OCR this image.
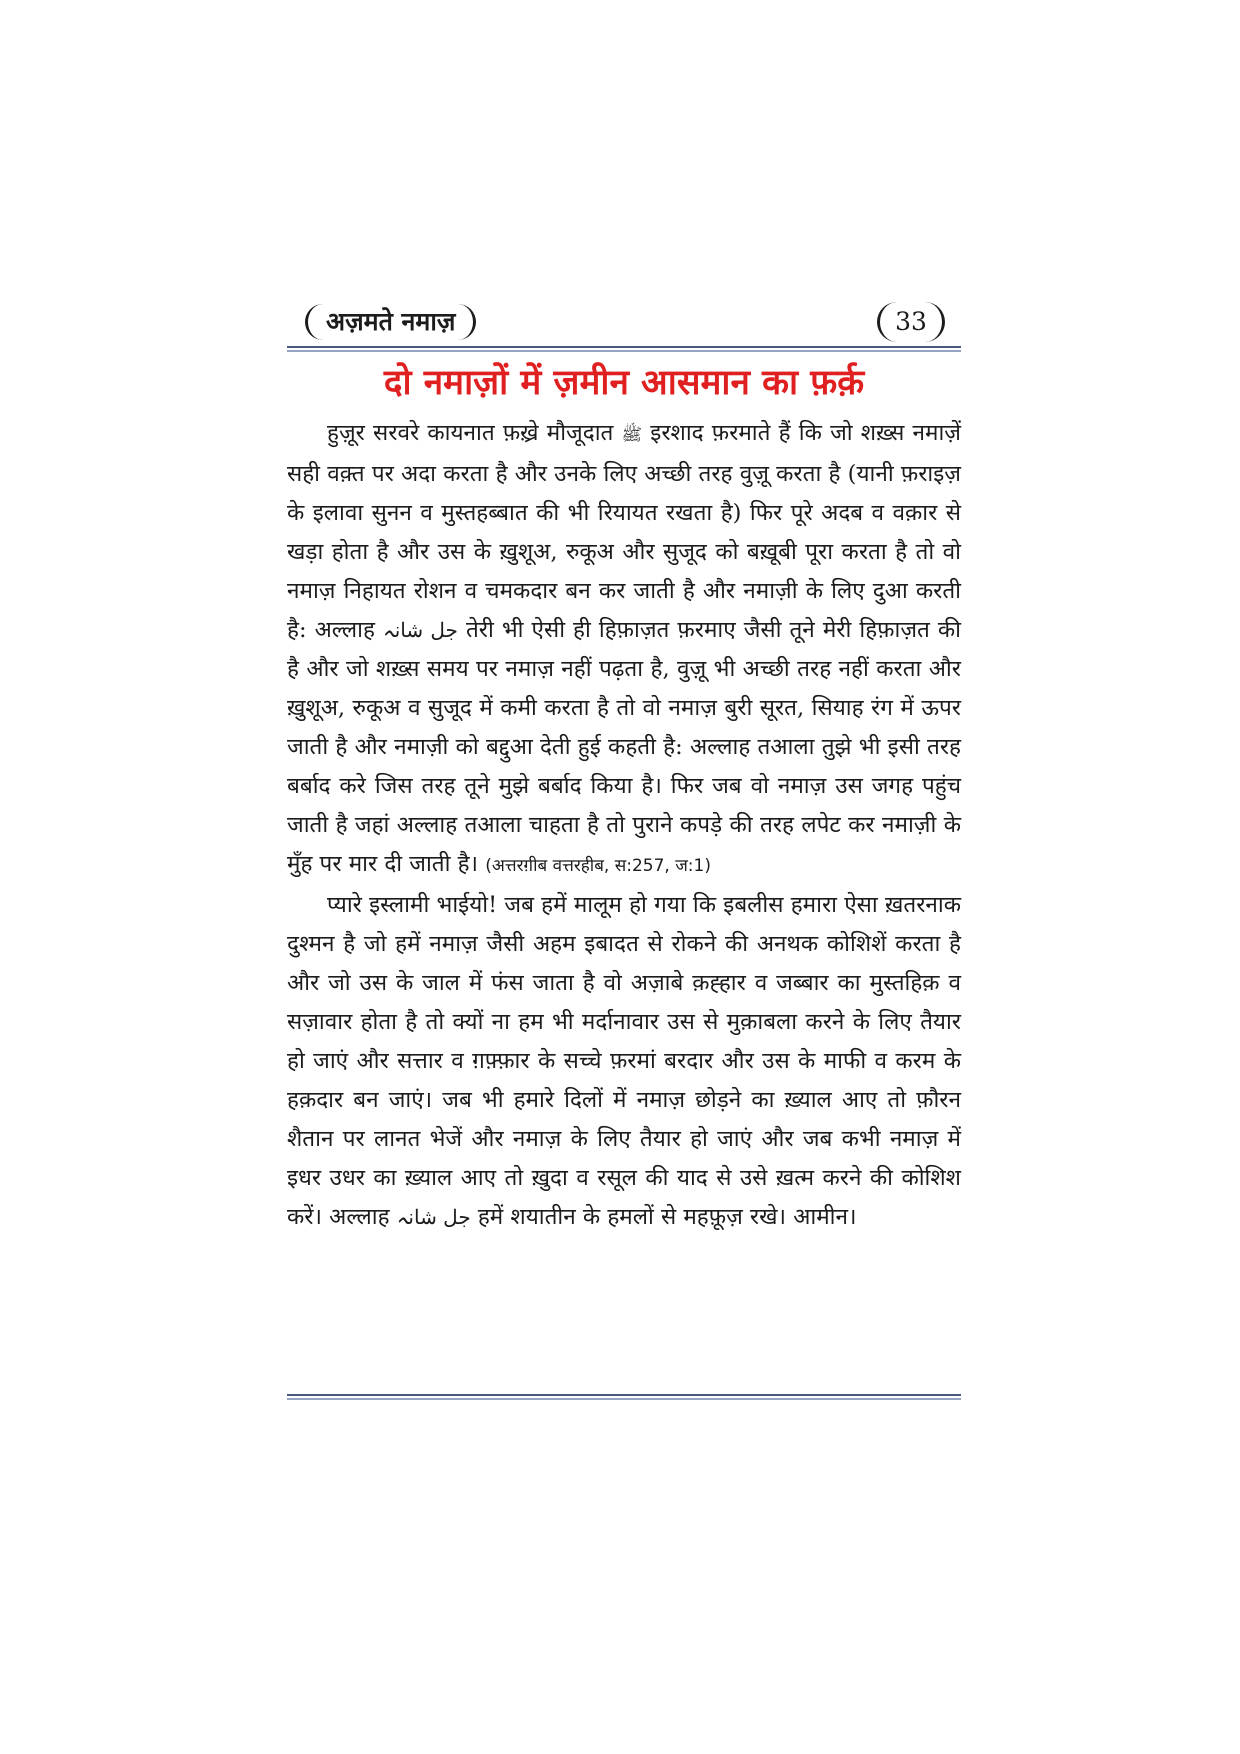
अज़मते नमाज़	33
दो नमाज़ों में ज़मीन आसमान का फ़र्क़

हुज़ूर सरवरे कायनात फ़ख़्रे मौजूदात ﷺ इरशाद फ़रमाते हैं कि जो शख़्स नमाज़ें सही वक़्त पर अदा करता है और उनके लिए अच्छी तरह वुज़ू करता है (यानी फ़राइज़ के इलावा सुनन व मुस्तहब्बात की भी रियायत रखता है) फिर पूरे अदब व वक़ार से खड़ा होता है और उस के ख़ुशूअ, रुकूअ और सुजूद को बख़ूबी पूरा करता है तो वो नमाज़ निहायत रोशन व चमकदार बन कर जाती है और नमाज़ी के लिए दुआ करती है: अल्लाह جل شانہ तेरी भी ऐसी ही हिफ़ाज़त फ़रमाए जैसी तूने मेरी हिफ़ाज़त की है और जो शख़्स समय पर नमाज़ नहीं पढ़ता है, वुज़ू भी अच्छी तरह नहीं करता और ख़ुशूअ, रुकूअ व सुजूद में कमी करता है तो वो नमाज़ बुरी सूरत, सियाह रंग में ऊपर जाती है और नमाज़ी को बद्दुआ देती हुई कहती है: अल्लाह तआला तुझे भी इसी तरह बर्बाद करे जिस तरह तूने मुझे बर्बाद किया है। फिर जब वो नमाज़ उस जगह पहुंच जाती है जहां अल्लाह तआला चाहता है तो पुराने कपड़े की तरह लपेट कर नमाज़ी के मुँह पर मार दी जाती है। (अत्तरग़ीब वत्तरहीब, स:257, ज:1)

प्यारे इस्लामी भाईयो! जब हमें मालूम हो गया कि इबलीस हमारा ऐसा ख़तरनाक दुश्मन है जो हमें नमाज़ जैसी अहम इबादत से रोकने की अनथक कोशिशें करता है और जो उस के जाल में फंस जाता है वो अज़ाबे क़ह्हार व जब्बार का मुस्तहिक़ व सज़ावार होता है तो क्यों ना हम भी मर्दानावार उस से मुक़ाबला करने के लिए तैयार हो जाएं और सत्तार व ग़फ़्फ़ार के सच्चे फ़रमां बरदार और उस के माफी व करम के हक़दार बन जाएं। जब भी हमारे दिलों में नमाज़ छोड़ने का ख़्याल आए तो फ़ौरन शैतान पर लानत भेजें और नमाज़ के लिए तैयार हो जाएं और जब कभी नमाज़ में इधर उधर का ख़्याल आए तो ख़ुदा व रसूल की याद से उसे ख़त्म करने की कोशिश करें। अल्लाह جل شانہ हमें शयातीन के हमलों से महफ़ूज़ रखे। आमीन।
